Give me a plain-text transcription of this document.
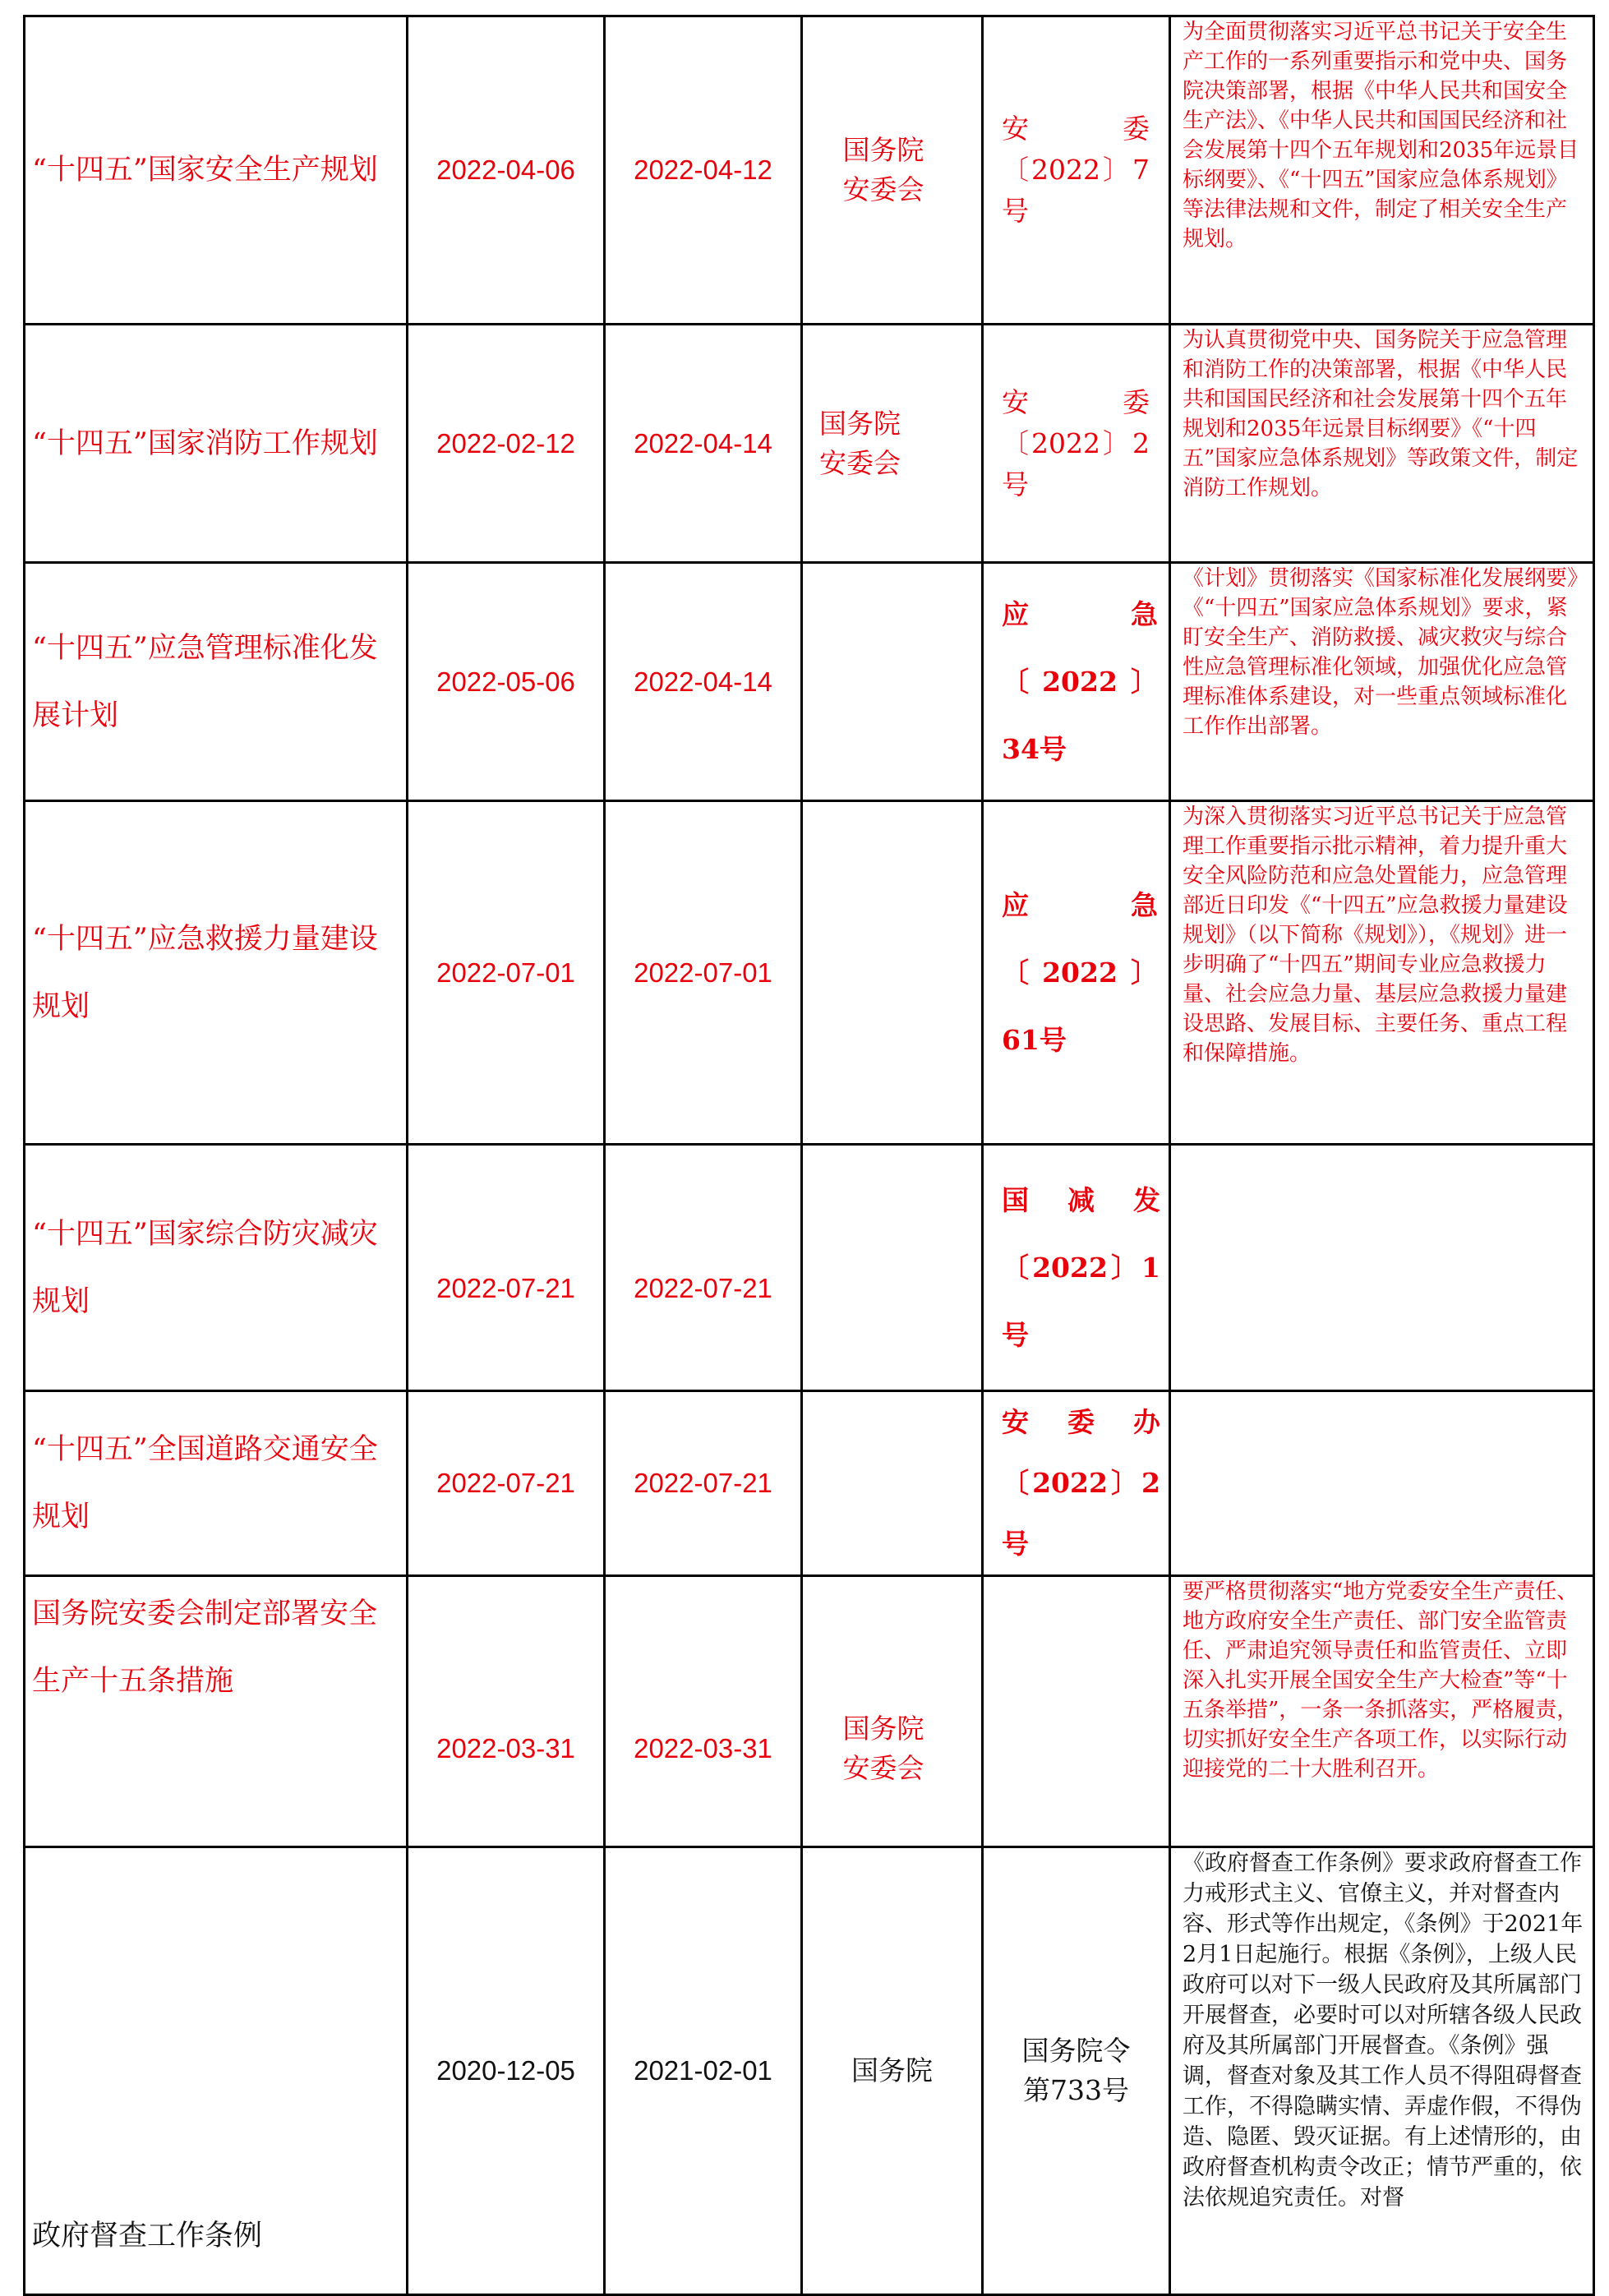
“十四五”国家安全生产规划	2022-04-06	2022-04-12	国务院安委会	安委〔2022〕7号	为全面贯彻落实习近平总书记关于安全生产工作的一系列重要指示和党中央、国务院决策部署，根据《中华人民共和国安全生产法》、《中华人民共和国国民经济和社会发展第十四个五年规划和2035年远景目标纲要》、《“十四五”国家应急体系规划》等法律法规和文件，制定了相关安全生产规划。
“十四五”国家消防工作规划	2022-02-12	2022-04-14	国务院安委会	安委〔2022〕2号	为认真贯彻党中央、国务院关于应急管理和消防工作的决策部署，根据《中华人民共和国国民经济和社会发展第十四个五年规划和2035年远景目标纲要》《“十四五”国家应急体系规划》等政策文件，制定消防工作规划。
“十四五”应急管理标准化发展计划	2022-05-06	2022-04-14		应急〔2022〕34号	《计划》贯彻落实《国家标准化发展纲要》《“十四五”国家应急体系规划》要求，紧盯安全生产、消防救援、减灾救灾与综合性应急管理标准化领域，加强优化应急管理标准体系建设，对一些重点领域标准化工作作出部署。
“十四五”应急救援力量建设规划	2022-07-01	2022-07-01		应急〔2022〕61号	为深入贯彻落实习近平总书记关于应急管理工作重要指示批示精神，着力提升重大安全风险防范和应急处置能力，应急管理部近日印发《“十四五”应急救援力量建设规划》（以下简称《规划》），《规划》进一步明确了“十四五”期间专业应急救援力量、社会应急力量、基层应急救援力量建设思路、发展目标、主要任务、重点工程和保障措施。
“十四五”国家综合防灾减灾规划	2022-07-21	2022-07-21		国减发〔2022〕1号	
“十四五”全国道路交通安全规划	2022-07-21	2022-07-21		安委办〔2022〕2号	
国务院安委会制定部署安全生产十五条措施	2022-03-31	2022-03-31	国务院安委会		要严格贯彻落实“地方党委安全生产责任、地方政府安全生产责任、部门安全监管责任、严肃追究领导责任和监管责任、立即深入扎实开展全国安全生产大检查”等“十五条举措”，一条一条抓落实，严格履责，切实抓好安全生产各项工作，以实际行动迎接党的二十大胜利召开。
政府督查工作条例	2020-12-05	2021-02-01	国务院	国务院令第733号	《政府督查工作条例》要求政府督查工作力戒形式主义、官僚主义，并对督查内容、形式等作出规定，《条例》于2021年2月1日起施行。根据《条例》，上级人民政府可以对下一级人民政府及其所属部门开展督查，必要时可以对所辖各级人民政府及其所属部门开展督查。《条例》强调，督查对象及其工作人员不得阻碍督查工作，不得隐瞒实情、弄虚作假，不得伪造、隐匿、毁灭证据。有上述情形的，由政府督查机构责令改正；情节严重的，依法依规追究责任。对督
